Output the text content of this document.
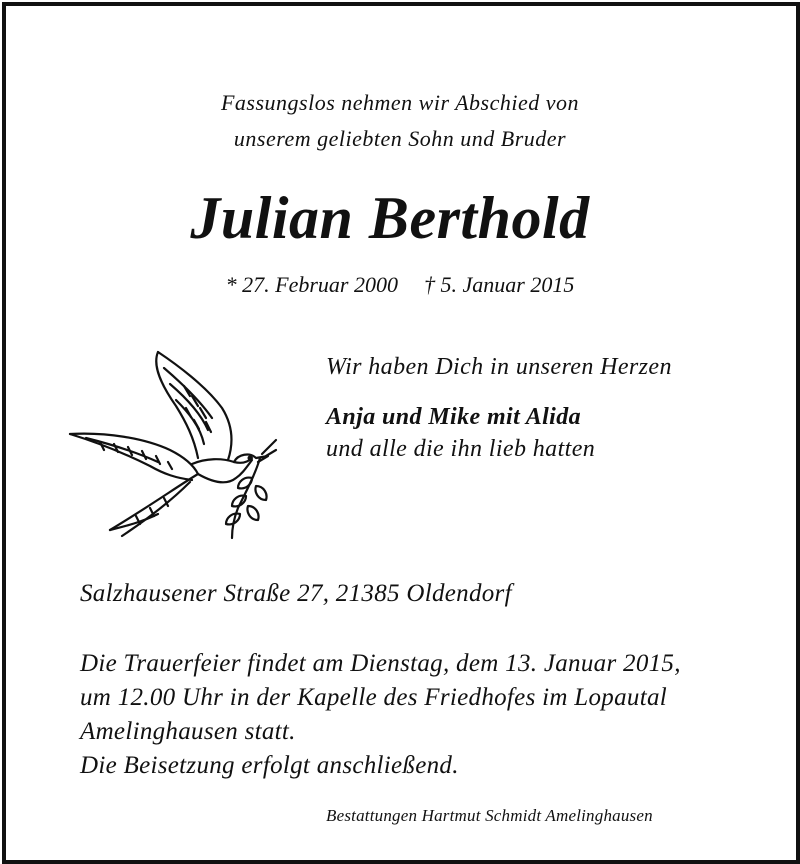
Fassungslos nehmen wir Abschied von
unserem geliebten Sohn und Bruder
Julian Berthold
* 27. Februar 2000 † 5. Januar 2015
Wir haben Dich in unseren Herzen
Anja und Mike mit Alida
und alle die ihn lieb hatten
Salzhausener Straße 27, 21385 Oldendorf
Die Trauerfeier findet am Dienstag, dem 13. Januar 2015,
um 12.00 Uhr in der Kapelle des Friedhofes im Lopautal
Amelinghausen statt.
Die Beisetzung erfolgt anschließend.
Bestattungen Hartmut Schmidt Amelinghausen
